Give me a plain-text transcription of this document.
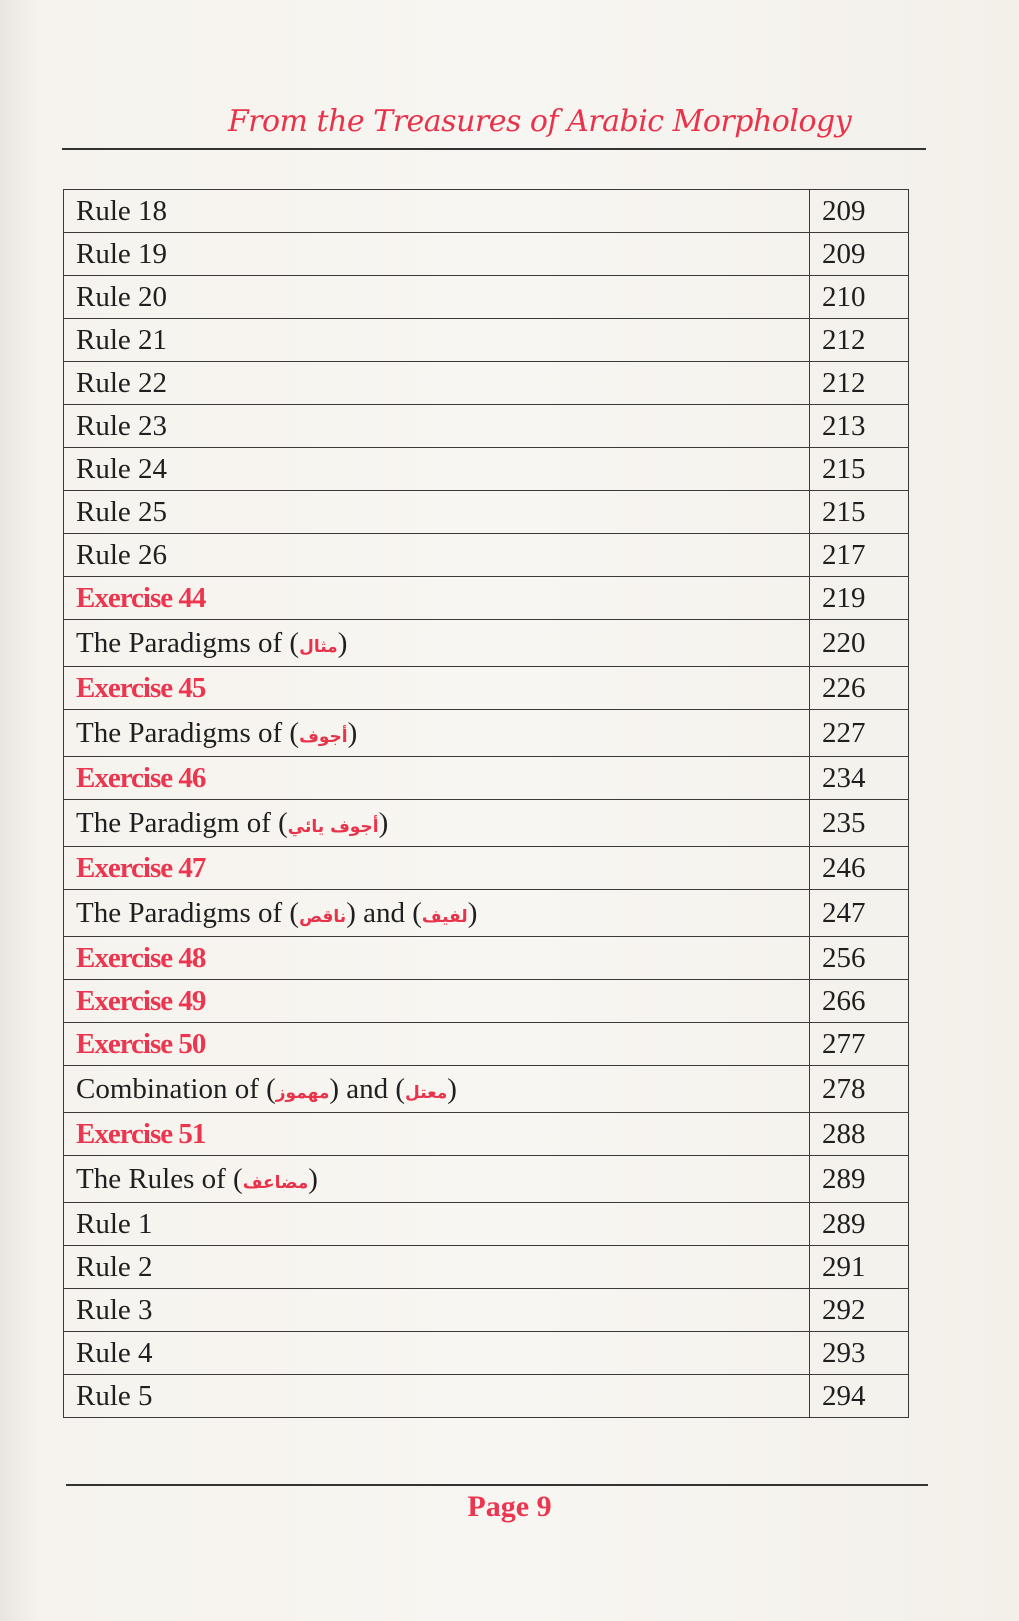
From the Treasures of Arabic Morphology
Rule 18	209
Rule 19	209
Rule 20	210
Rule 21	212
Rule 22	212
Rule 23	213
Rule 24	215
Rule 25	215
Rule 26	217
Exercise 44	219
The Paradigms of (مثال)	220
Exercise 45	226
The Paradigms of (أجوف)	227
Exercise 46	234
The Paradigm of (أجوف يائي)	235
Exercise 47	246
The Paradigms of (ناقص) and (لفيف)	247
Exercise 48	256
Exercise 49	266
Exercise 50	277
Combination of (مهموز) and (معتل)	278
Exercise 51	288
The Rules of (مضاعف)	289
Rule 1	289
Rule 2	291
Rule 3	292
Rule 4	293
Rule 5	294
Page 9
